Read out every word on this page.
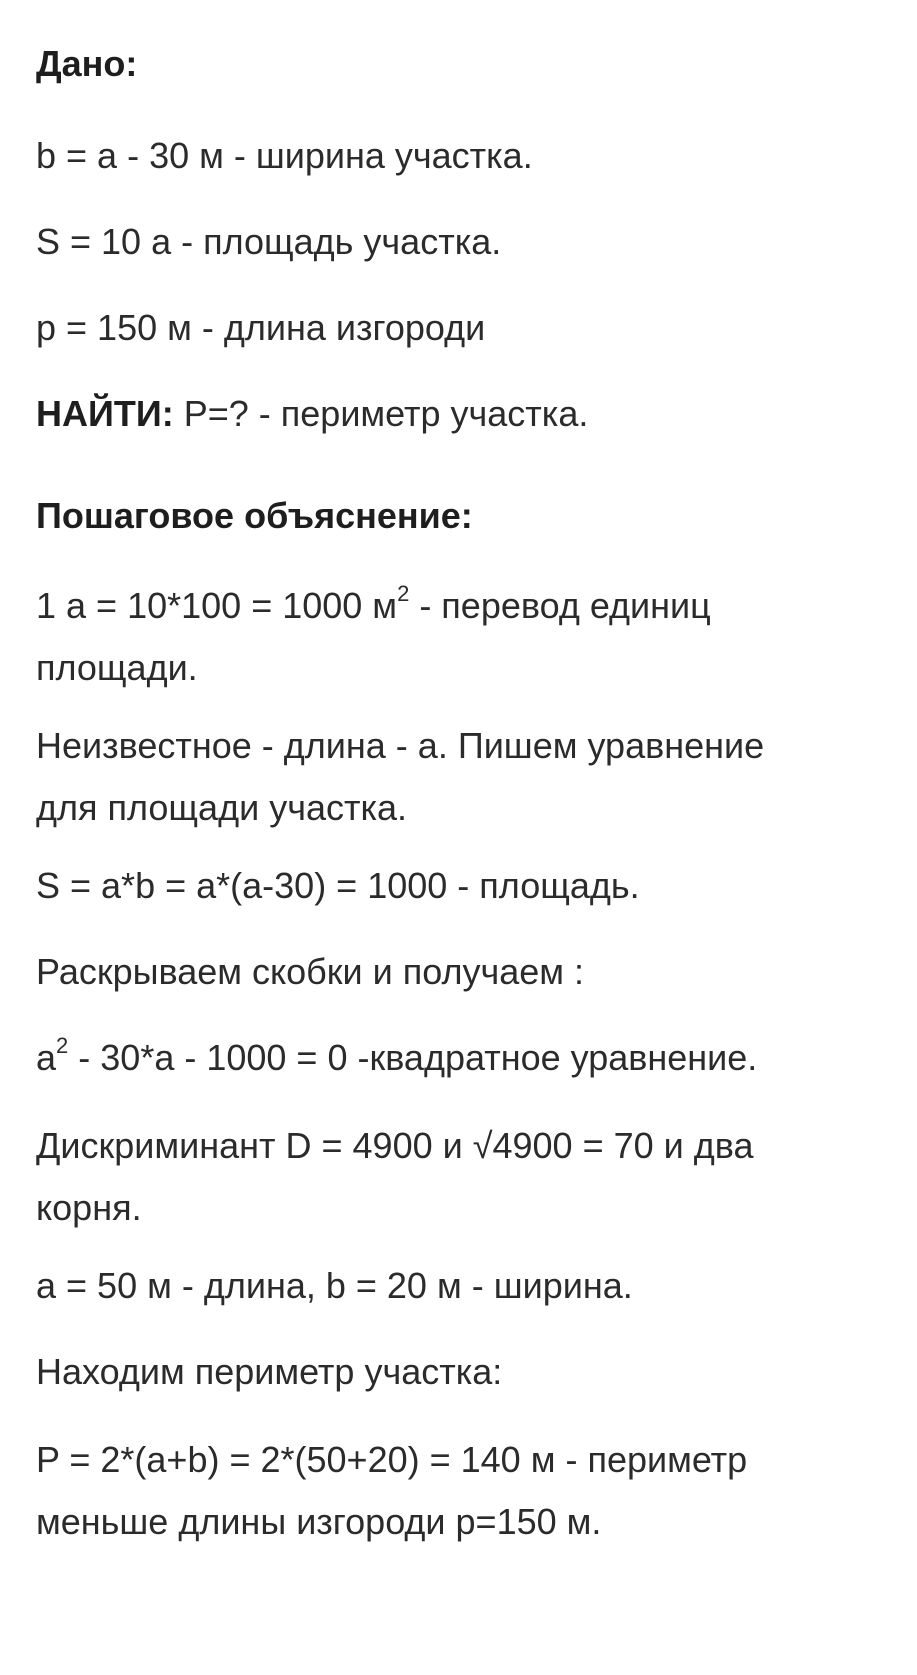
Дано:
b = a - 30 м - ширина участка.
S = 10 а - площадь участка.
p = 150 м - длина изгороди
НАЙТИ: P=? - периметр участка.
Пошаговое объяснение:
1 а = 10*100 = 1000 $м^2$ - перевод единиц
площади.
Неизвестное - длина - а. Пишем уравнение
для площади участка.
S = a*b = a*(a-30) = 1000 - площадь.
Раскрываем скобки и получаем :
$a^2 - 30*a - 1000 = 0$ -квадратное уравнение.
Дискриминант D = 4900 и √4900 = 70 и два
корня.
а = 50 м - длина, b = 20 м - ширина.
Находим периметр участка:
P = 2*(a+b) = 2*(50+20) = 140 м - периметр
меньше длины изгороди р=150 м.
